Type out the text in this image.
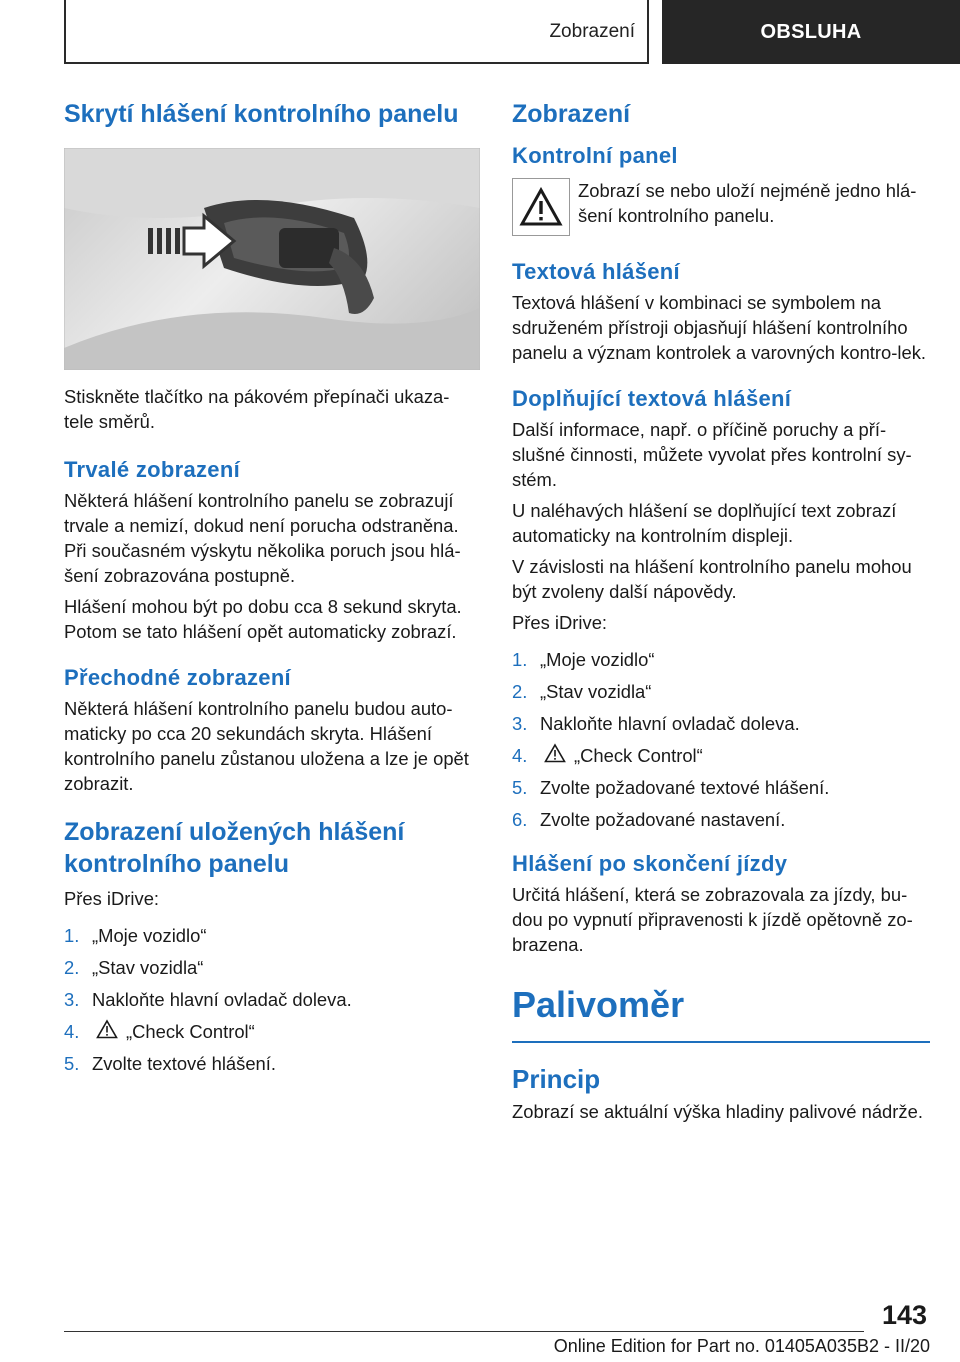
Zobrazení	OBSLUHA
Skrytí hlášení kontrolního panelu

Stiskněte tlačítko na pákovém přepínači ukaza-tele směrů.

Trvalé zobrazení

Některá hlášení kontrolního panelu se zobrazují trvale a nemizí, dokud není porucha odstraněna. Při současném výskytu několika poruch jsou hlá-šení zobrazována postupně.

Hlášení mohou být po dobu cca 8 sekund skryta. Potom se tato hlášení opět automaticky zobrazí.

Přechodné zobrazení

Některá hlášení kontrolního panelu budou auto-maticky po cca 20 sekundách skryta. Hlášení kontrolního panelu zůstanou uložena a lze je opět zobrazit.

Zobrazení uložených hlášení kontrolního panelu

Přes iDrive:

1. „Moje vozidlo“
2. „Stav vozidla“
3. Nakloňte hlavní ovladač doleva.
4.	„Check Control“
5. Zvolte textové hlášení.
Zobrazení
Kontrolní panel

Zobrazí se nebo uloží nejméně jedno hlá-šení kontrolního panelu.

Textová hlášení

Textová hlášení v kombinaci se symbolem na sdruženém přístroji objasňují hlášení kontrolního panelu a význam kontrolek a varovných kontro-lek.

Doplňující textová hlášení

Další informace, např. o příčině poruchy a pří-slušné činnosti, můžete vyvolat přes kontrolní sy-stém.

U naléhavých hlášení se doplňující text zobrazí automaticky na kontrolním displeji.

V závislosti na hlášení kontrolního panelu mohou být zvoleny další nápovědy.

Přes iDrive:

1. „Moje vozidlo“
2. „Stav vozidla“
3. Nakloňte hlavní ovladač doleva.
4.	„Check Control“
5. Zvolte požadované textové hlášení.
6. Zvolte požadované nastavení.
Hlášení po skončení jízdy

Určitá hlášení, která se zobrazovala za jízdy, bu-dou po vypnutí připravenosti k jízdě opětovně zo-brazena.

Palivoměr
Princip

Zobrazí se aktuální výška hladiny palivové nádrže.

143
Online Edition for Part no. 01405A035B2 - II/20
